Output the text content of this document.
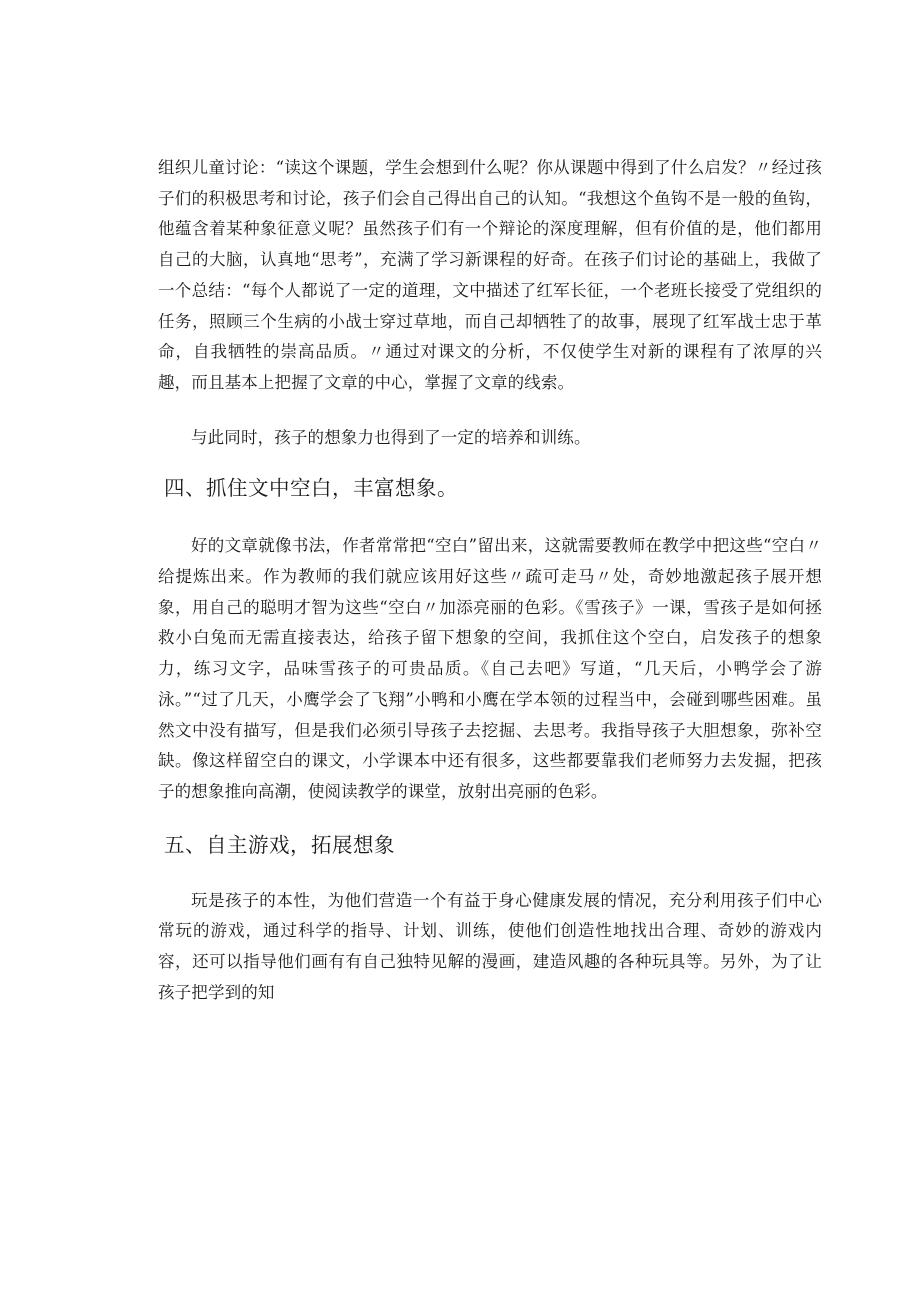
组织儿童讨论：“读这个课题，学生会想到什么呢？你从课题中得到了什么启发？〃经过孩子们的积极思考和讨论，孩子们会自己得出自己的认知。“我想这个鱼钩不是一般的鱼钩，他蕴含着某种象征意义呢？虽然孩子们有一个辩论的深度理解，但有价值的是，他们都用自己的大脑，认真地“思考”，充满了学习新课程的好奇。在孩子们讨论的基础上，我做了一个总结：“每个人都说了一定的道理，文中描述了红军长征，一个老班长接受了党组织的任务，照顾三个生病的小战士穿过草地，而自己却牺牲了的故事，展现了红军战士忠于革命，自我牺牲的崇高品质。〃通过对课文的分析，不仅使学生对新的课程有了浓厚的兴趣，而且基本上把握了文章的中心，掌握了文章的线索。

与此同时，孩子的想象力也得到了一定的培养和训练。

四、抓住文中空白，丰富想象。

好的文章就像书法，作者常常把“空白”留出来，这就需要教师在教学中把这些“空白〃给提炼出来。作为教师的我们就应该用好这些〃疏可走马〃处，奇妙地激起孩子展开想象，用自己的聪明才智为这些“空白〃加添亮丽的色彩。《雪孩子》一课，雪孩子是如何拯救小白兔而无需直接表达，给孩子留下想象的空间，我抓住这个空白，启发孩子的想象力，练习文字，品味雪孩子的可贵品质。《自己去吧》写道，“几天后，小鸭学会了游泳。”“过了几天，小鹰学会了飞翔”小鸭和小鹰在学本领的过程当中，会碰到哪些困难。虽然文中没有描写，但是我们必须引导孩子去挖掘、去思考。我指导孩子大胆想象，弥补空缺。像这样留空白的课文，小学课本中还有很多，这些都要靠我们老师努力去发掘，把孩子的想象推向高潮，使阅读教学的课堂，放射出亮丽的色彩。

五、自主游戏，拓展想象

玩是孩子的本性，为他们营造一个有益于身心健康发展的情况，充分利用孩子们中心常玩的游戏，通过科学的指导、计划、训练，使他们创造性地找出合理、奇妙的游戏内容，还可以指导他们画有有自己独特见解的漫画，建造风趣的各种玩具等。另外，为了让孩子把学到的知
